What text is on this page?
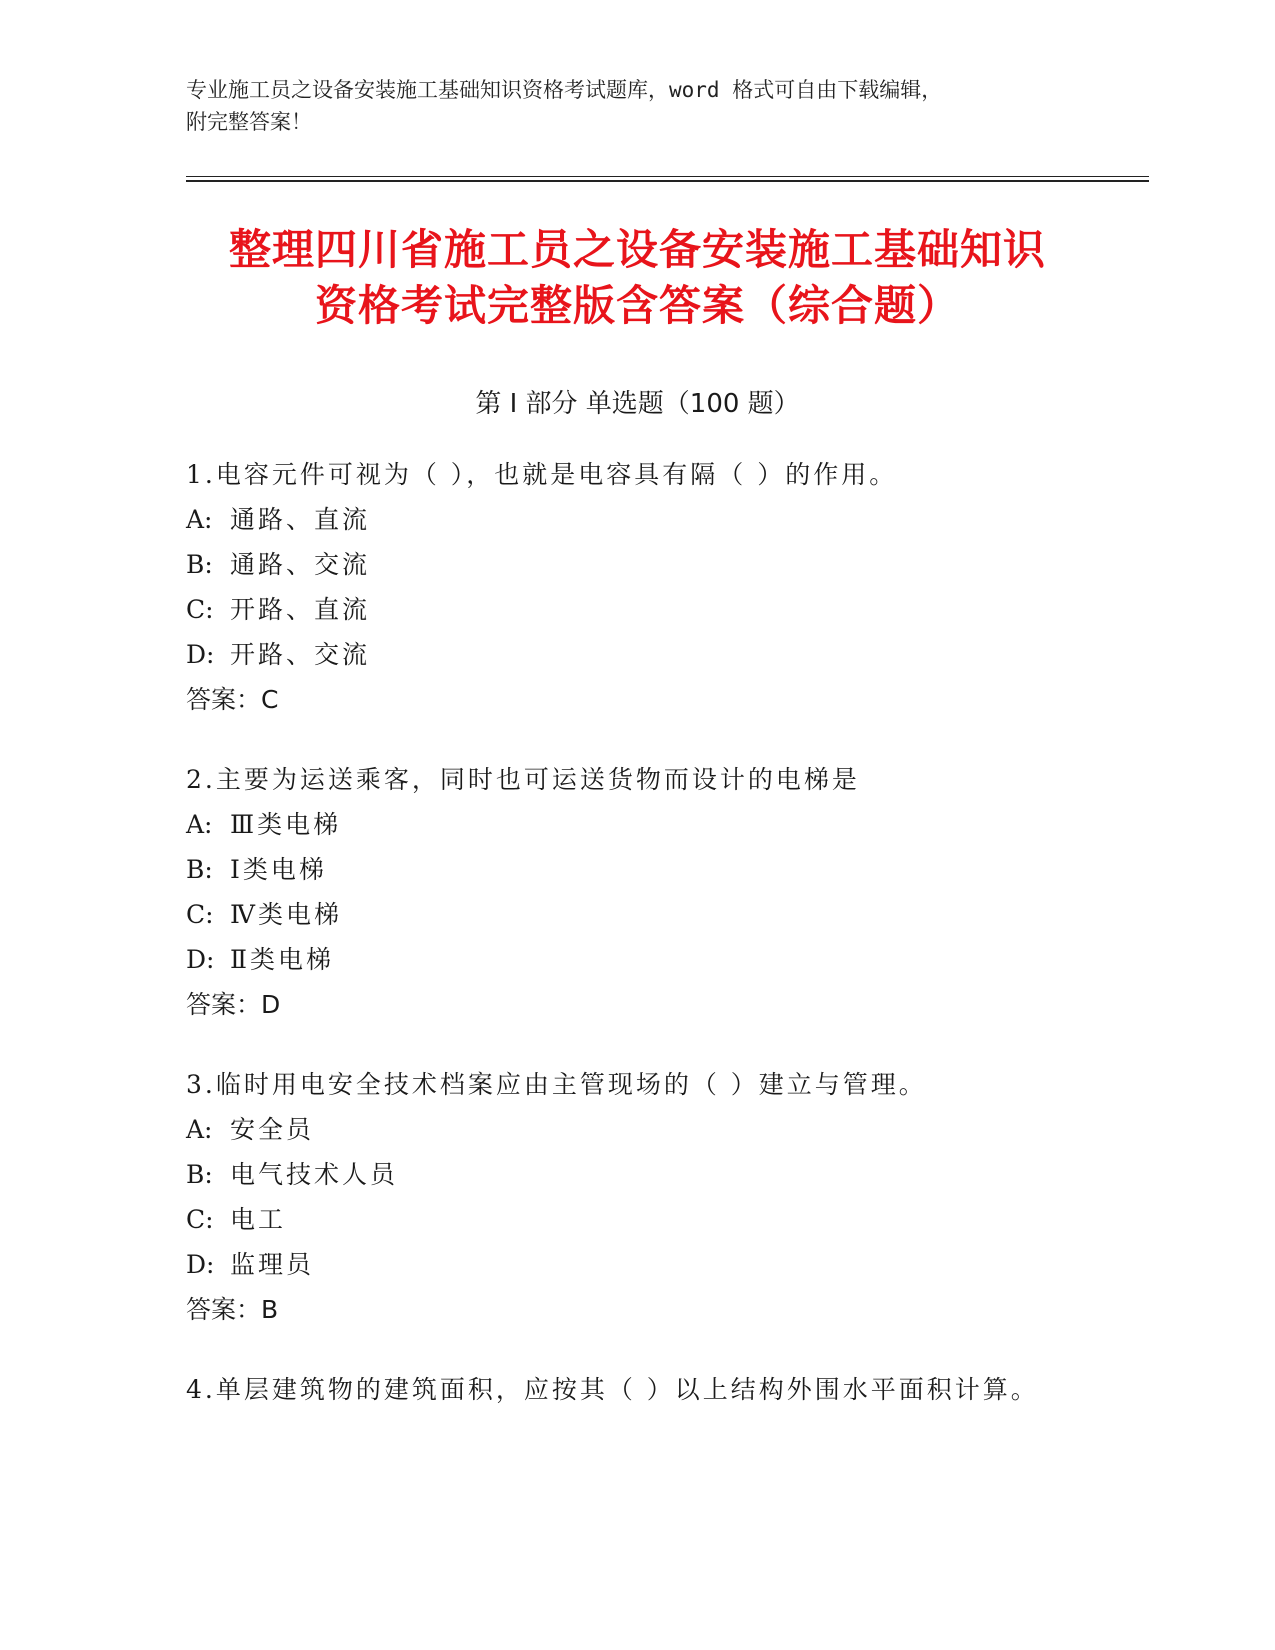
专业施工员之设备安装施工基础知识资格考试题库，word 格式可自由下载编辑，
附完整答案！
整理四川省施工员之设备安装施工基础知识
资格考试完整版含答案（综合题）
第 I 部分 单选题（100 题）
1.电容元件可视为（ ），也就是电容具有隔（ ）的作用。
A: 通路、直流
B: 通路、交流
C: 开路、直流
D: 开路、交流
答案：C
2.主要为运送乘客，同时也可运送货物而设计的电梯是
A: Ⅲ类电梯
B: Ⅰ类电梯
C: Ⅳ类电梯
D: Ⅱ类电梯
答案：D
3.临时用电安全技术档案应由主管现场的（ ）建立与管理。
A: 安全员
B: 电气技术人员
C: 电工
D: 监理员
答案：B
4.单层建筑物的建筑面积，应按其（ ）以上结构外围水平面积计算。
